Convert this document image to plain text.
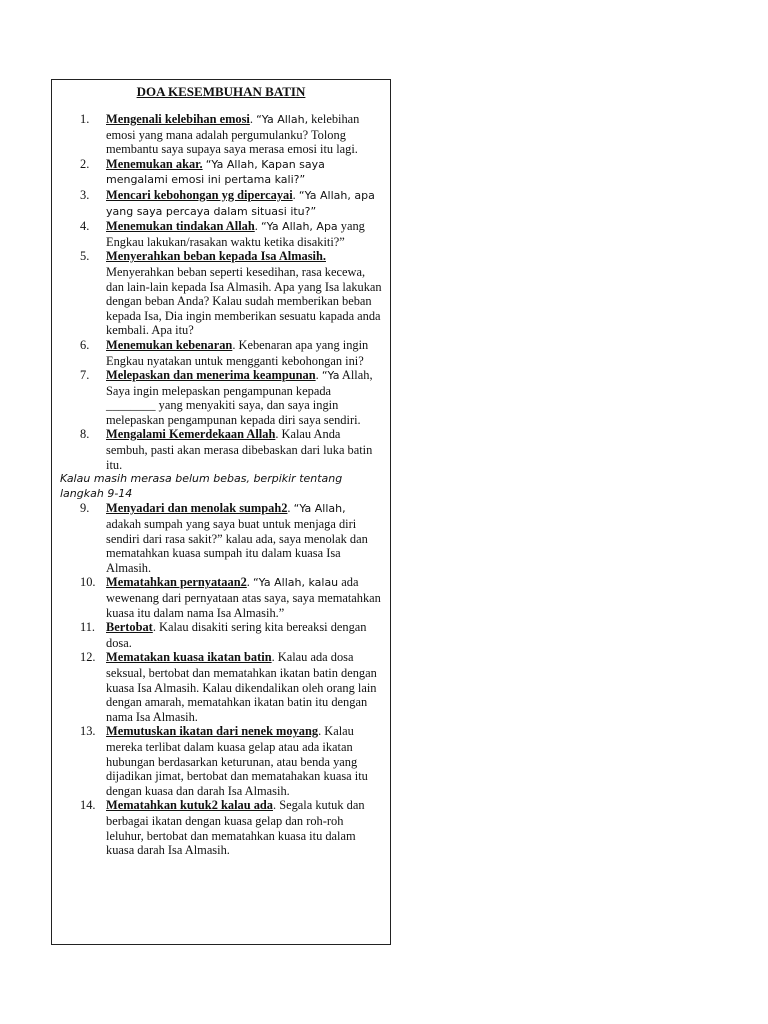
DOA KESEMBUHAN BATIN
1.	Mengenali kelebihan emosi. “Ya Allah, kelebihan emosi yang mana adalah pergumulanku? Tolong membantu saya supaya saya merasa emosi itu lagi.
2.	Menemukan akar. “Ya Allah, Kapan saya mengalami emosi ini pertama kali?”
3.	Mencari kebohongan yg dipercayai. “Ya Allah, apa yang saya percaya dalam situasi itu?”
4.	Menemukan tindakan Allah. “Ya Allah, Apa yang Engkau lakukan/rasakan waktu ketika disakiti?”
5.	Menyerahkan beban kepada Isa Almasih. Menyerahkan beban seperti kesedihan, rasa kecewa, dan lain-lain kepada Isa Almasih. Apa yang Isa lakukan dengan beban Anda? Kalau sudah memberikan beban kepada Isa, Dia ingin memberikan sesuatu kapada anda kembali. Apa itu?
6.	Menemukan kebenaran. Kebenaran apa yang ingin Engkau nyatakan untuk mengganti kebohongan ini?
7.	Melepaskan dan menerima keampunan. “Ya Allah, Saya ingin melepaskan pengampunan kepada ________ yang menyakiti saya, dan saya ingin melepaskan pengampunan kepada diri saya sendiri.
8.	Mengalami Kemerdekaan Allah. Kalau Anda sembuh, pasti akan merasa dibebaskan dari luka batin itu.
Kalau masih merasa belum bebas, berpikir tentang langkah 9-14
9.	Menyadari dan menolak sumpah2. “Ya Allah, adakah sumpah yang saya buat untuk menjaga diri sendiri dari rasa sakit?” kalau ada, saya menolak dan mematahkan kuasa sumpah itu dalam kuasa Isa Almasih.
10. Mematahkan pernyataan2. “Ya Allah, kalau ada wewenang dari pernyataan atas saya, saya mematahkan kuasa itu dalam nama Isa Almasih.”
11. Bertobat. Kalau disakiti sering kita bereaksi dengan dosa.
12. Mematakan kuasa ikatan batin. Kalau ada dosa seksual, bertobat dan mematahkan ikatan batin dengan kuasa Isa Almasih. Kalau dikendalikan oleh orang lain dengan amarah, mematahkan ikatan batin itu dengan nama Isa Almasih.
13. Memutuskan ikatan dari nenek moyang. Kalau mereka terlibat dalam kuasa gelap atau ada ikatan hubungan berdasarkan keturunan, atau benda yang dijadikan jimat, bertobat dan mematahakan kuasa itu dengan kuasa dan darah Isa Almasih.
14. Mematahkan kutuk2 kalau ada. Segala kutuk dan berbagai ikatan dengan kuasa gelap dan roh-roh leluhur, bertobat dan mematahkan kuasa itu dalam kuasa darah Isa Almasih.
